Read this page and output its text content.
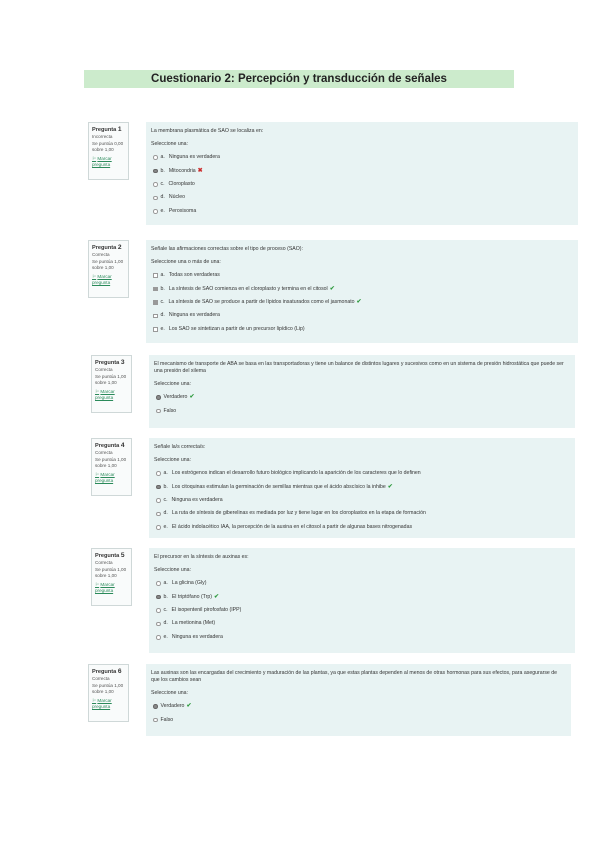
Cuestionario 2: Percepción y transducción de señales
Pregunta 1
Incorrecta
Se puntúa 0,00 sobre 1,00
⚐ Marcar pregunta
La membrana plasmática de SAO se localiza en:
Seleccione una:
a. Ninguna es verdadera
b. Mitocondria ✖
c. Cloroplasto
d. Núcleo
e. Peroxisoma
Pregunta 2
Correcta
Se puntúa 1,00 sobre 1,00
⚐ Marcar pregunta
Señale las afirmaciones correctas sobre el tipo de proceso (SAO):
Seleccione una o más de una:
a. Todas son verdaderas
b. La síntesis de SAO comienza en el cloroplasto y termina en el citosol ✔
c. La síntesis de SAO se produce a partir de lípidos insaturados como el jasmonato ✔
d. Ninguna es verdadera
e. Los SAO se sintetizan a partir de un precursor lipídico (Lip)
Pregunta 3
Correcta
Se puntúa 1,00 sobre 1,00
⚐ Marcar pregunta
El mecanismo de transporte de ABA se basa en las transportadoras y tiene un balance de distintos lugares y sucesivos como en un sistema de presión hidrostática que puede ser una presión del xilema
Seleccione una:
Verdadero ✔
Falso
Pregunta 4
Correcta
Se puntúa 1,00 sobre 1,00
⚐ Marcar pregunta
Señale la/s correcta/s:
Seleccione una:
a. Los estrógenos indican el desarrollo futuro biológico implicando la aparición de los caracteres que lo definen
b. Los citoquinas estimulan la germinación de semillas mientras que el ácido abscísico la inhibe ✔
c. Ninguna es verdadera
d. La ruta de síntesis de giberelinas es mediada por luz y tiene lugar en los cloroplastos en la etapa de formación
e. El ácido indolacético IAA, la percepción de la auxina en el citosol a partir de algunas bases nitrogenadas
Pregunta 5
Correcta
Se puntúa 1,00 sobre 1,00
⚐ Marcar pregunta
El precursor en la síntesis de auxinas es:
Seleccione una:
a. La glicina (Gly)
b. El triptófano (Trp) ✔
c. El isopentenil pirofosfato (IPP)
d. La metionina (Met)
e. Ninguna es verdadera
Pregunta 6
Correcta
Se puntúa 1,00 sobre 1,00
⚐ Marcar pregunta
Las auxinas son las encargadas del crecimiento y maduración de las plantas, ya que estas plantas dependen al menos de otras hormonas para sus efectos, para asegurarse de que los cambios sean
Seleccione una:
Verdadero ✔
Falso
